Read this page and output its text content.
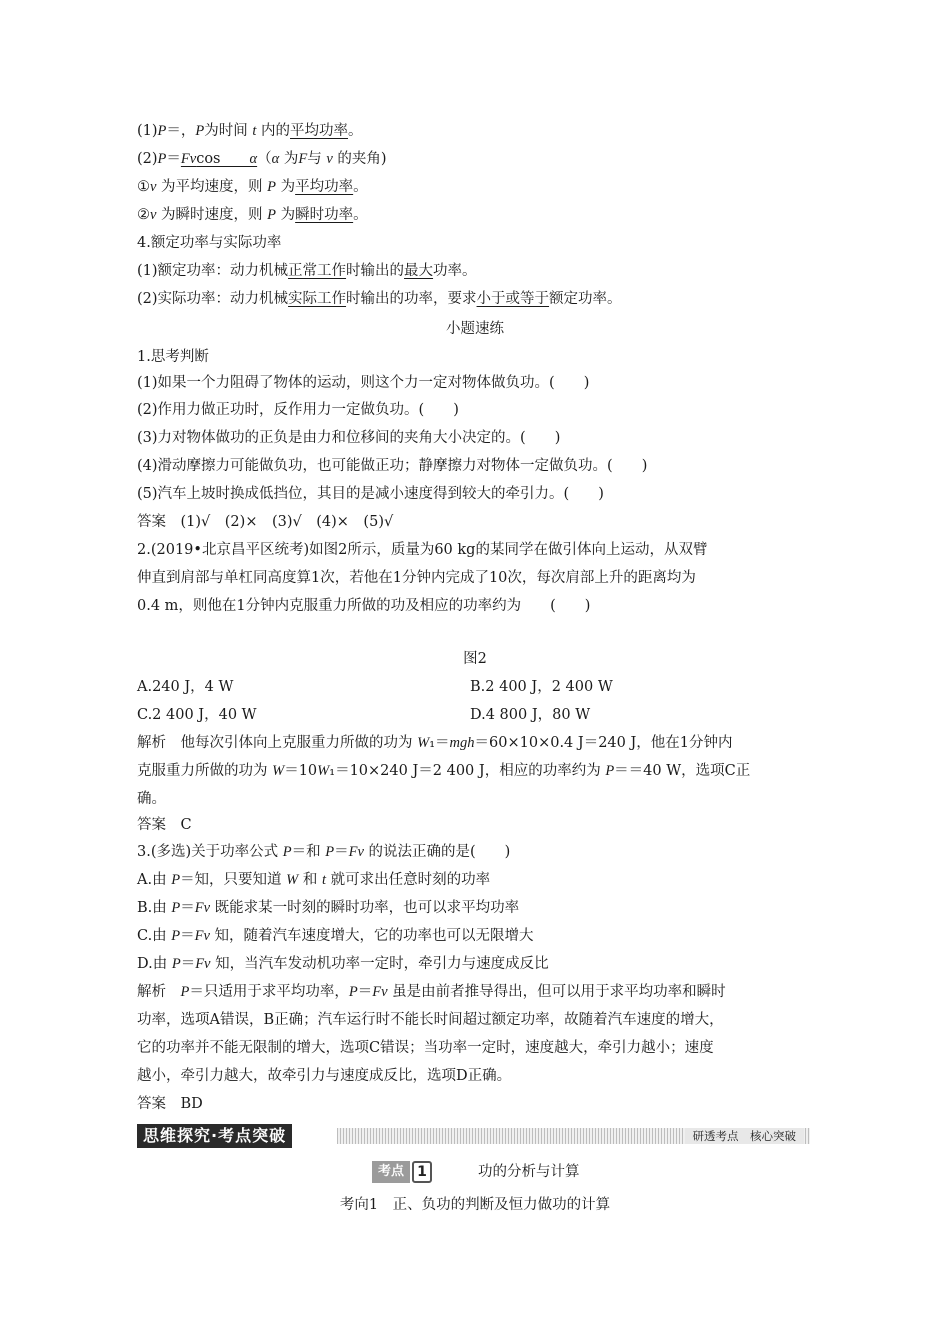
(1)P＝，P为时间 t 内的平均功率。
(2)P＝Fvcos　　α（α 为F与 v 的夹角)
①v 为平均速度，则 P 为平均功率。
②v 为瞬时速度，则 P 为瞬时功率。
4.额定功率与实际功率
(1)额定功率：动力机械正常工作时输出的最大功率。
(2)实际功率：动力机械实际工作时输出的功率，要求小于或等于额定功率。
小题速练
1.思考判断
(1)如果一个力阻碍了物体的运动，则这个力一定对物体做负功。(　　)
(2)作用力做正功时，反作用力一定做负功。(　　)
(3)力对物体做功的正负是由力和位移间的夹角大小决定的。(　　)
(4)滑动摩擦力可能做负功，也可能做正功；静摩擦力对物体一定做负功。(　　)
(5)汽车上坡时换成低挡位，其目的是减小速度得到较大的牵引力。(　　)
答案　(1)√　(2)×　(3)√　(4)×　(5)√
2.(2019•北京昌平区统考)如图2所示，质量为60 kg的某同学在做引体向上运动，从双臂
伸直到肩部与单杠同高度算1次，若他在1分钟内完成了10次，每次肩部上升的距离均为
0.4 m，则他在1分钟内克服重力所做的功及相应的功率约为　　(　　)
图2
A.240 J，4 W	B.2 400 J，2 400 W
C.2 400 J，40 W	D.4 800 J，80 W
解析　他每次引体向上克服重力所做的功为 W₁＝mgh＝60×10×0.4 J＝240 J，他在1分钟内
克服重力所做的功为 W＝10W₁＝10×240 J＝2 400 J，相应的功率约为 P＝＝40 W，选项C正
确。
答案　C
3.(多选)关于功率公式 P＝和 P＝Fv 的说法正确的是(　　)
A.由 P＝知，只要知道 W 和 t 就可求出任意时刻的功率
B.由 P＝Fv 既能求某一时刻的瞬时功率，也可以求平均功率
C.由 P＝Fv 知，随着汽车速度增大，它的功率也可以无限增大
D.由 P＝Fv 知，当汽车发动机功率一定时，牵引力与速度成反比
解析　P＝只适用于求平均功率，P＝Fv 虽是由前者推导得出，但可以用于求平均功率和瞬时
功率，选项A错误，B正确；汽车运行时不能长时间超过额定功率，故随着汽车速度的增大，
它的功率并不能无限制的增大，选项C错误；当功率一定时，速度越大，牵引力越小；速度
越小，牵引力越大，故牵引力与速度成反比，选项D正确。
答案　BD
思维探究·考点突破	研透考点　核心突破
考点 1	功的分析与计算
考向1　正、负功的判断及恒力做功的计算
